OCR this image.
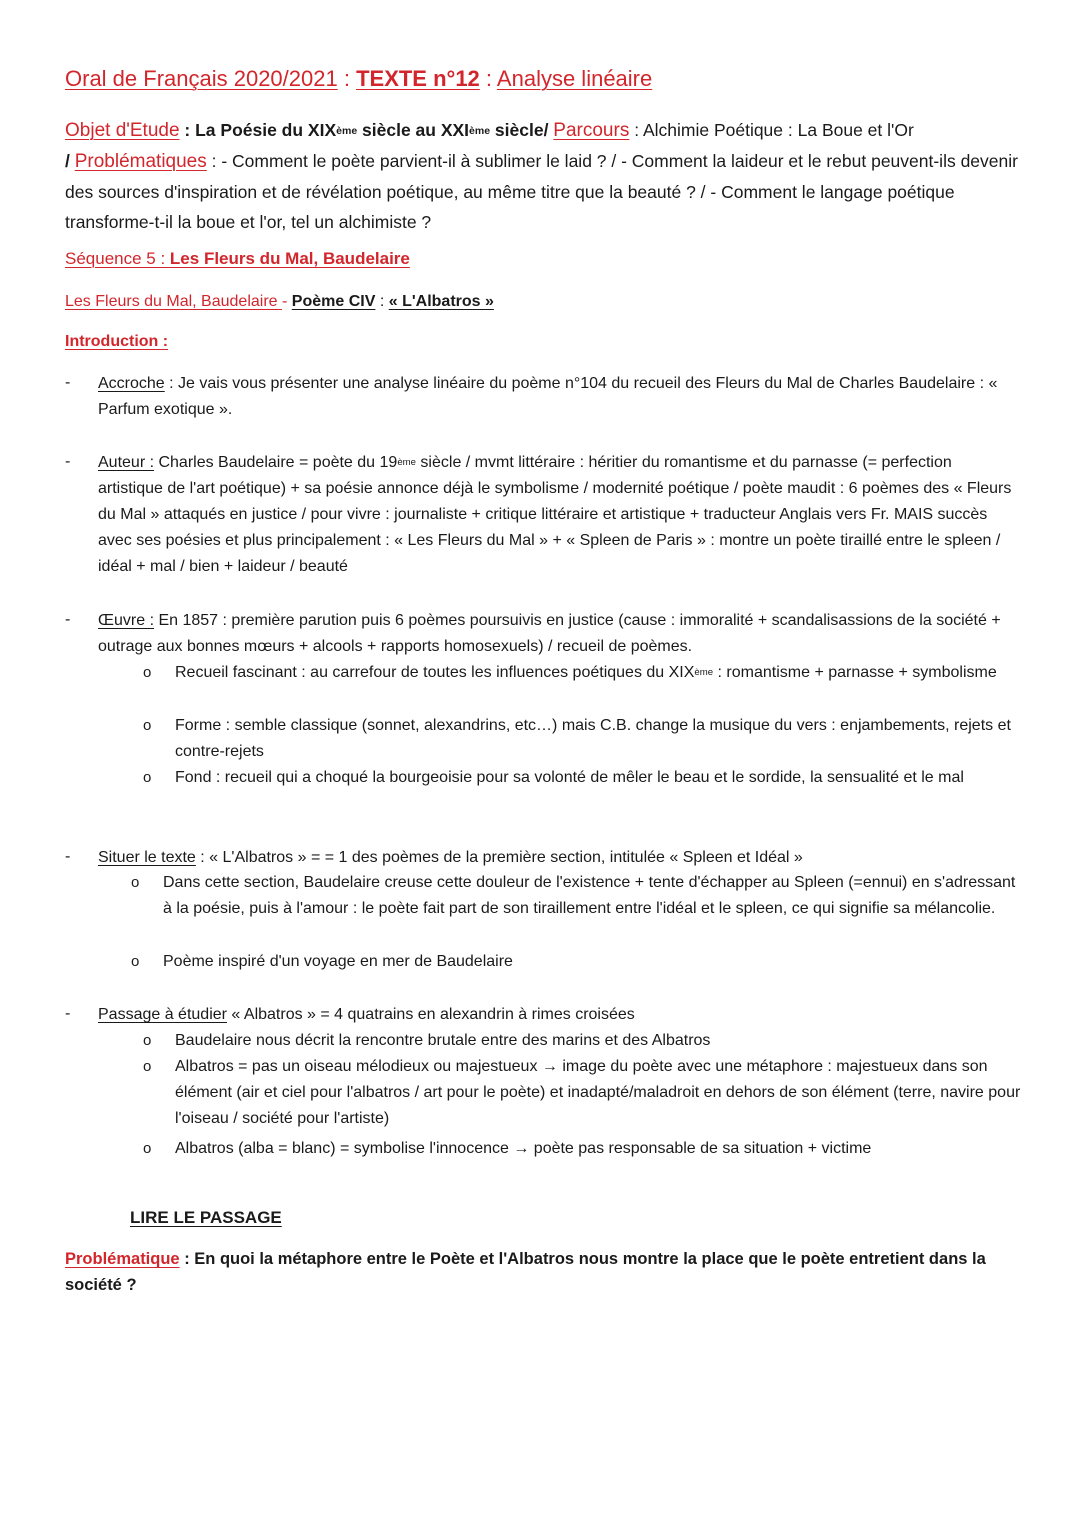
Oral de Français 2020/2021 : TEXTE n°12 : Analyse linéaire
Objet d'Etude : La Poésie du XIXème siècle au XXIème siècle/ Parcours : Alchimie Poétique : La Boue et l'Or
/ Problématiques : - Comment le poète parvient-il à sublimer le laid ? / - Comment la laideur et le rebut peuvent-ils devenir des sources d'inspiration et de révélation poétique, au même titre que la beauté ? / - Comment le langage poétique transforme-t-il la boue et l'or, tel un alchimiste ?
Séquence 5 : Les Fleurs du Mal, Baudelaire
Les Fleurs du Mal, Baudelaire - Poème CIV : « L'Albatros »
Introduction :
- Accroche : Je vais vous présenter une analyse linéaire du poème n°104 du recueil des Fleurs du Mal de Charles Baudelaire : « Parfum exotique ».
- Auteur : Charles Baudelaire = poète du 19ème siècle / mvmt littéraire : héritier du romantisme et du parnasse (= perfection artistique de l'art poétique) + sa poésie annonce déjà le symbolisme / modernité poétique / poète maudit : 6 poèmes des « Fleurs du Mal » attaqués en justice / pour vivre : journaliste + critique littéraire et artistique + traducteur Anglais vers Fr. MAIS succès avec ses poésies et plus principalement : « Les Fleurs du Mal » + « Spleen de Paris » : montre un poète tiraillé entre le spleen / idéal + mal / bien + laideur / beauté
- Œuvre : En 1857 : première parution puis 6 poèmes poursuivis en justice (cause : immoralité + scandalisassions de la société + outrage aux bonnes mœurs + alcools + rapports homosexuels) / recueil de poèmes.
o Recueil fascinant : au carrefour de toutes les influences poétiques du XIXème : romantisme + parnasse + symbolisme
o Forme : semble classique (sonnet, alexandrins, etc…) mais C.B. change la musique du vers : enjambements, rejets et contre-rejets
o Fond : recueil qui a choqué la bourgeoisie pour sa volonté de mêler le beau et le sordide, la sensualité et le mal
- Situer le texte : « L'Albatros » = = 1 des poèmes de la première section, intitulée « Spleen et Idéal »
o Dans cette section, Baudelaire creuse cette douleur de l'existence + tente d'échapper au Spleen (=ennui) en s'adressant à la poésie, puis à l'amour : le poète fait part de son tiraillement entre l'idéal et le spleen, ce qui signifie sa mélancolie.
o Poème inspiré d'un voyage en mer de Baudelaire
- Passage à étudier « Albatros » = 4 quatrains en alexandrin à rimes croisées
o Baudelaire nous décrit la rencontre brutale entre des marins et des Albatros
o Albatros = pas un oiseau mélodieux ou majestueux → image du poète avec une métaphore : majestueux dans son élément (air et ciel pour l'albatros / art pour le poète) et inadapté/maladroit en dehors de son élément (terre, navire pour l'oiseau / société pour l'artiste)
o Albatros (alba = blanc) = symbolise l'innocence → poète pas responsable de sa situation + victime
LIRE LE PASSAGE
Problématique : En quoi la métaphore entre le Poète et l'Albatros nous montre la place que le poète entretient dans la société ?
